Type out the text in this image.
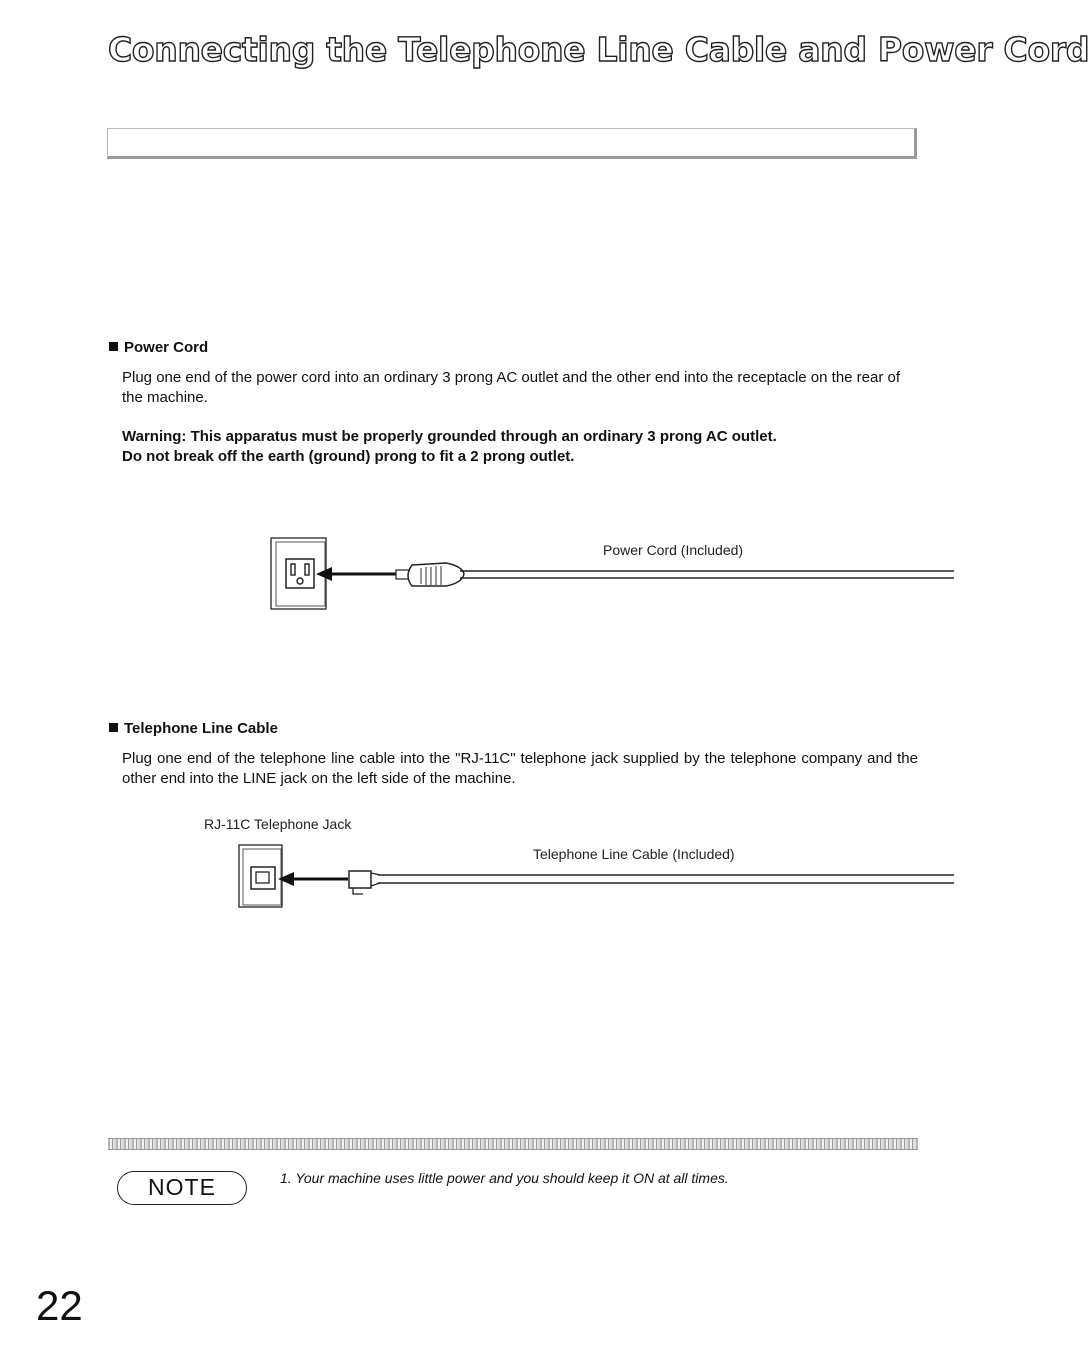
Connecting the Telephone Line Cable and Power Cord
Power Cord

Plug one end of the power cord into an ordinary 3 prong AC outlet and the other end into the receptacle on the rear of the machine.

Warning: This apparatus must be properly grounded through an ordinary 3 prong AC outlet.
Do not break off the earth (ground) prong to fit a 2 prong outlet.
Power Cord (Included)
Telephone Line Cable

Plug one end of the telephone line cable into the "RJ-11C" telephone jack supplied by the telephone company and the other end into the LINE jack on the left side of the machine.

RJ-11C Telephone Jack
Telephone Line Cable (Included)
NOTE	1. Your machine uses little power and you should keep it ON at all times.

22
